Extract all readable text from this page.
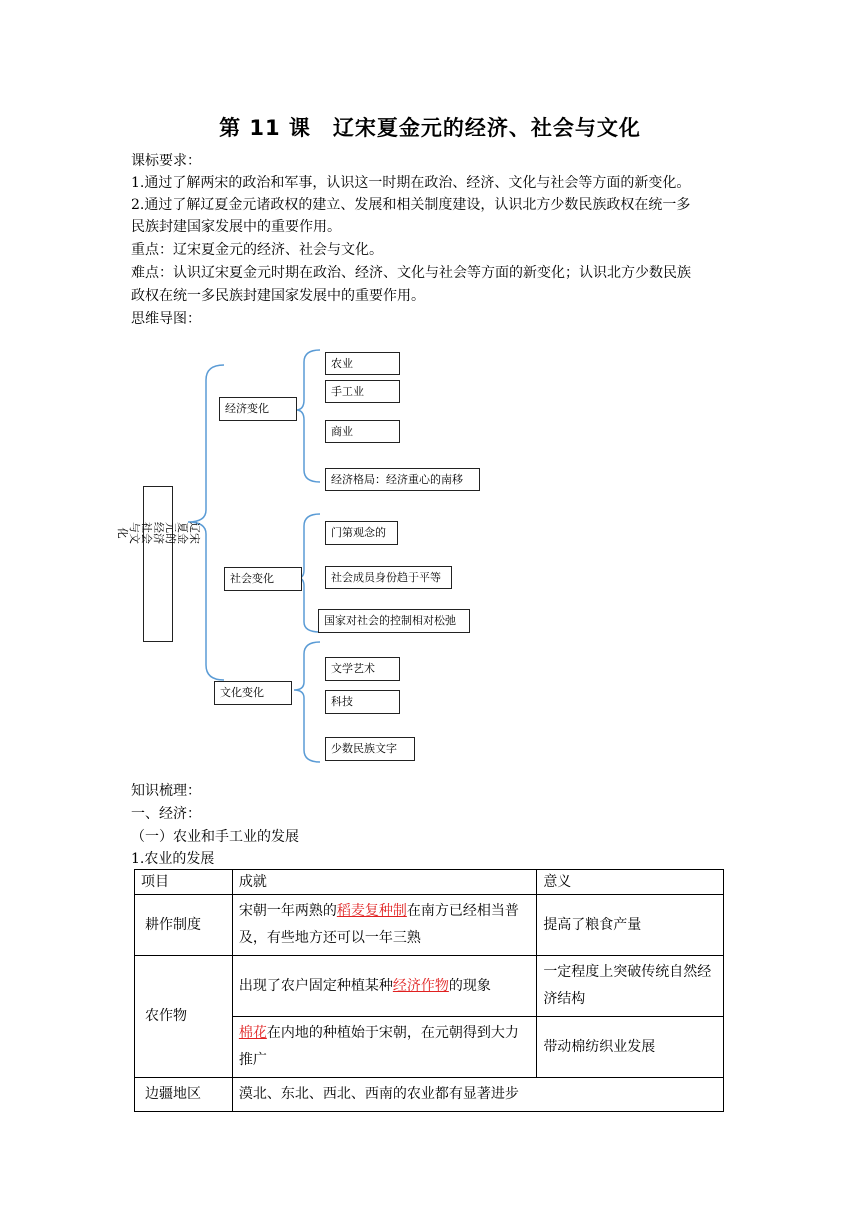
第 11 课　辽宋夏金元的经济、社会与文化
课标要求：
1.通过了解两宋的政治和军事，认识这一时期在政治、经济、文化与社会等方面的新变化。
2.通过了解辽夏金元诸政权的建立、发展和相关制度建设，认识北方少数民族政权在统一多
民族封建国家发展中的重要作用。
重点：辽宋夏金元的经济、社会与文化。
难点：认识辽宋夏金元时期在政治、经济、文化与社会等方面的新变化；认识北方少数民族
政权在统一多民族封建国家发展中的重要作用。
思维导图：
辽宋夏金元的经济社会与文化
经济变化
社会变化
文化变化
农业
手工业
商业
经济格局：经济重心的南移
门第观念的
社会成员身份趋于平等
国家对社会的控制相对松弛
文学艺术
科技
少数民族文字
知识梳理：
一、经济：
（一）农业和手工业的发展
1.农业的发展
项目	成就	意义
耕作制度	宋朝一年两熟的稻麦复种制在南方已经相当普及，有些地方还可以一年三熟	提高了粮食产量
农作物	出现了农户固定种植某种经济作物的现象	一定程度上突破传统自然经济结构
	棉花在内地的种植始于宋朝，在元朝得到大力推广	带动棉纺织业发展
边疆地区	漠北、东北、西北、西南的农业都有显著进步	
